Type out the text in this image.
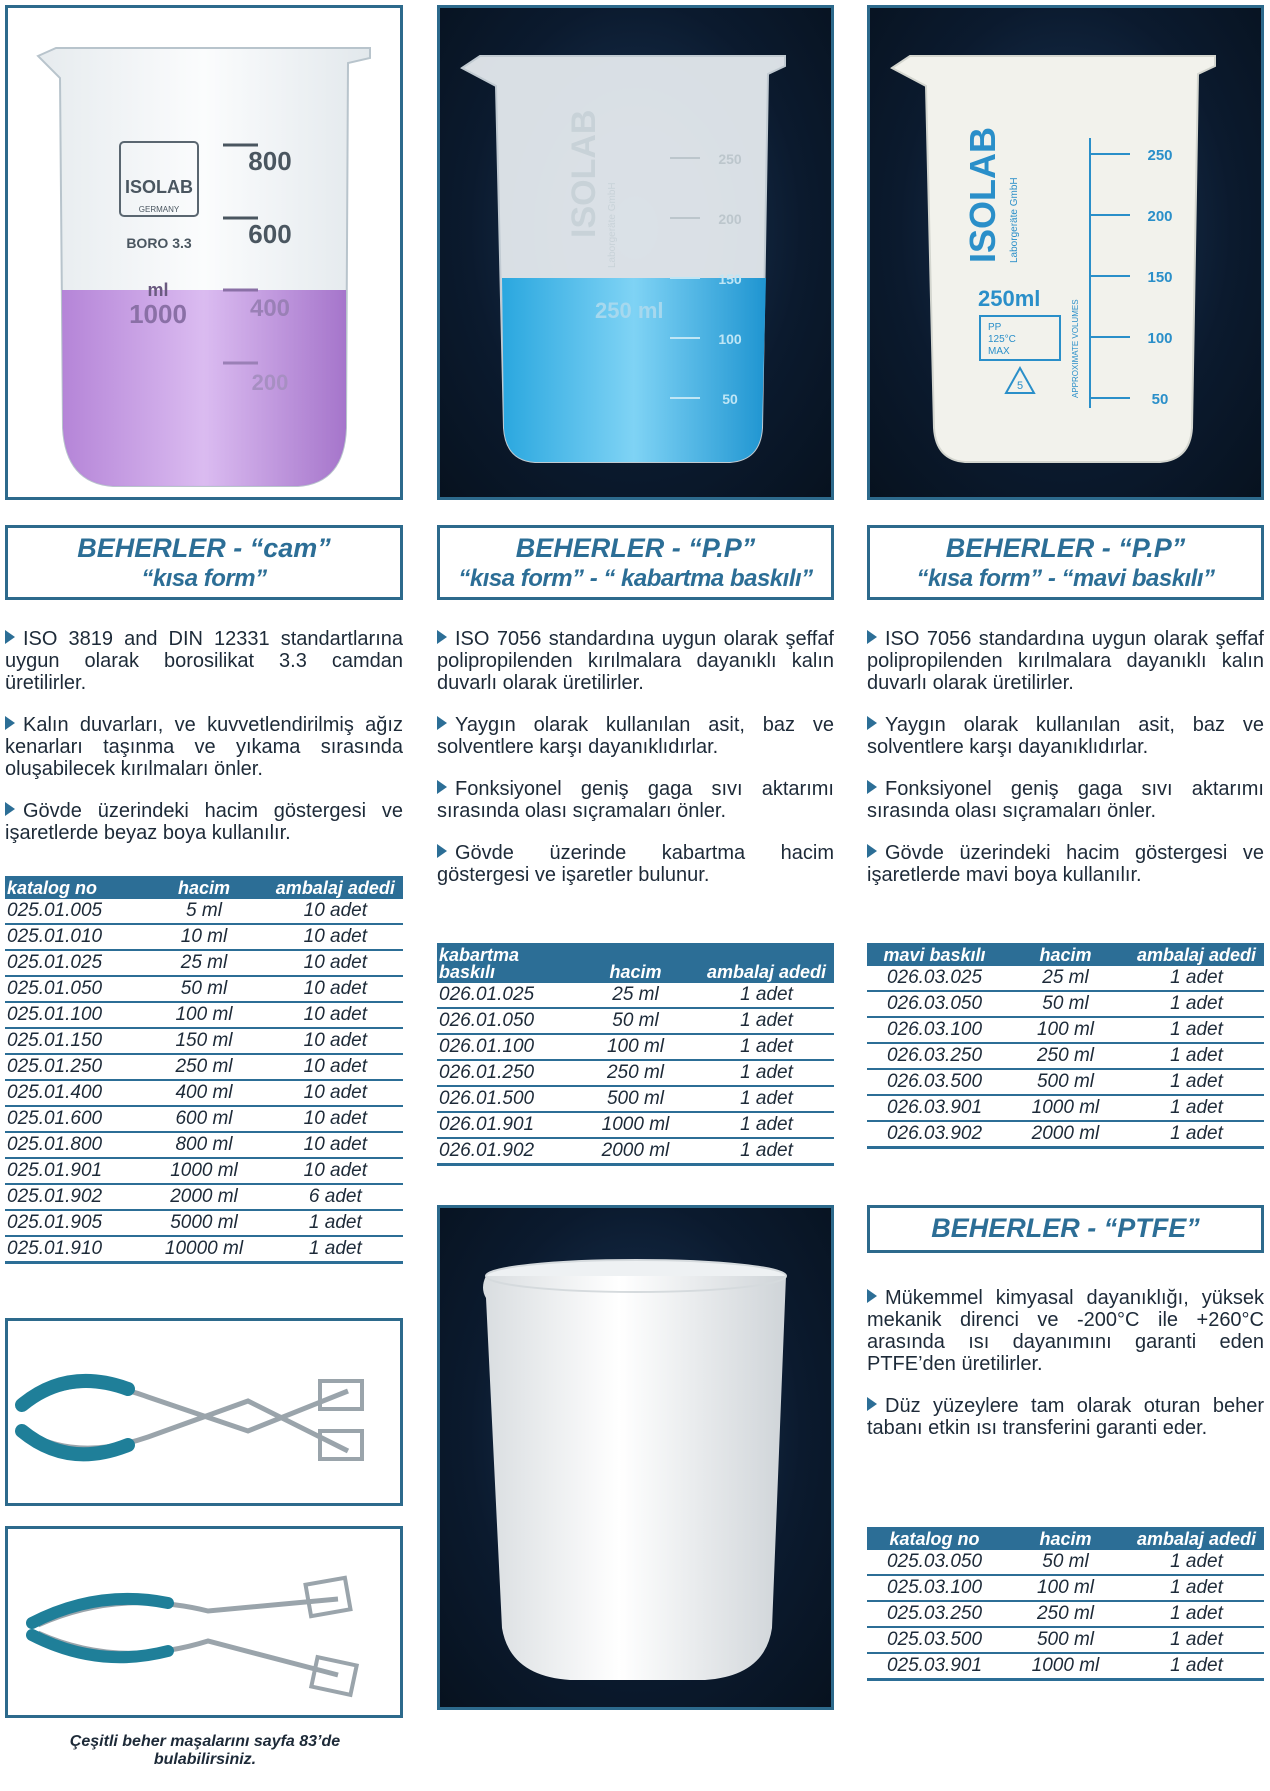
ISOLAB
GERMANY
BORO 3.3
ml
1000
800
600
400
200
ISOLAB Laborgeräte GmbH
250 ml
250
200
150
100
50
ISOLAB Laborgeräte GmbH
250ml
PP
125°C
MAX
5	APPROXIMATE VOLUMES
250
200
150
100
50
BEHERLER - “cam”
“kısa form”
BEHERLER - “P.P”
“kısa form” - “ kabartma baskılı”
BEHERLER - “P.P”
“kısa form” - “mavi baskılı”

ISO 3819 and DIN 12331 standartlarına uygun olarak borosilikat 3.3 camdan üretilirler.

Kalın duvarları, ve kuvvetlendirilmiş ağız kenarları taşınma ve yıkama sırasında oluşabilecek kırılmaları önler.

Gövde üzerindeki hacim göstergesi ve işaretlerde beyaz boya kullanılır.

ISO 7056 standardına uygun olarak şeffaf polipropilenden kırılmalara dayanıklı kalın duvarlı olarak üretilirler.

Yaygın olarak kullanılan asit, baz ve solventlere karşı dayanıklıdırlar.

Fonksiyonel geniş gaga sıvı aktarımı sırasında olası sıçramaları önler.

Gövde üzerinde kabartma hacim göstergesi ve işaretler bulunur.

ISO 7056 standardına uygun olarak şeffaf polipropilenden kırılmalara dayanıklı kalın duvarlı olarak üretilirler.

Yaygın olarak kullanılan asit, baz ve solventlere karşı dayanıklıdırlar.

Fonksiyonel geniş gaga sıvı aktarımı sırasında olası sıçramaları önler.

Gövde üzerindeki hacim göstergesi ve işaretlerde mavi boya kullanılır.

katalog no	hacim	ambalaj adedi
025.01.005	5 ml	10 adet
025.01.010	10 ml	10 adet
025.01.025	25 ml	10 adet
025.01.050	50 ml	10 adet
025.01.100	100 ml	10 adet
025.01.150	150 ml	10 adet
025.01.250	250 ml	10 adet
025.01.400	400 ml	10 adet
025.01.600	600 ml	10 adet
025.01.800	800 ml	10 adet
025.01.901	1000 ml	10 adet
025.01.902	2000 ml	6 adet
025.01.905	5000 ml	1 adet
025.01.910	10000 ml	1 adet
kabartma baskılı	hacim	ambalaj adedi
026.01.025	25 ml	1 adet
026.01.050	50 ml	1 adet
026.01.100	100 ml	1 adet
026.01.250	250 ml	1 adet
026.01.500	500 ml	1 adet
026.01.901	1000 ml	1 adet
026.01.902	2000 ml	1 adet
mavi baskılı	hacim	ambalaj adedi
026.03.025	25 ml	1 adet
026.03.050	50 ml	1 adet
026.03.100	100 ml	1 adet
026.03.250	250 ml	1 adet
026.03.500	500 ml	1 adet
026.03.901	1000 ml	1 adet
026.03.902	2000 ml	1 adet
Çeşitli beher maşalarını sayfa 83’de bulabilirsiniz.
BEHERLER - “PTFE”

Mükemmel kimyasal dayanıklığı, yüksek mekanik direnci ve -200°C ile +260°C arasında ısı dayanımını garanti eden PTFE’den üretilirler.

Düz yüzeylere tam olarak oturan beher tabanı etkin ısı transferini garanti eder.

katalog no	hacim	ambalaj adedi
025.03.050	50 ml	1 adet
025.03.100	100 ml	1 adet
025.03.250	250 ml	1 adet
025.03.500	500 ml	1 adet
025.03.901	1000 ml	1 adet
